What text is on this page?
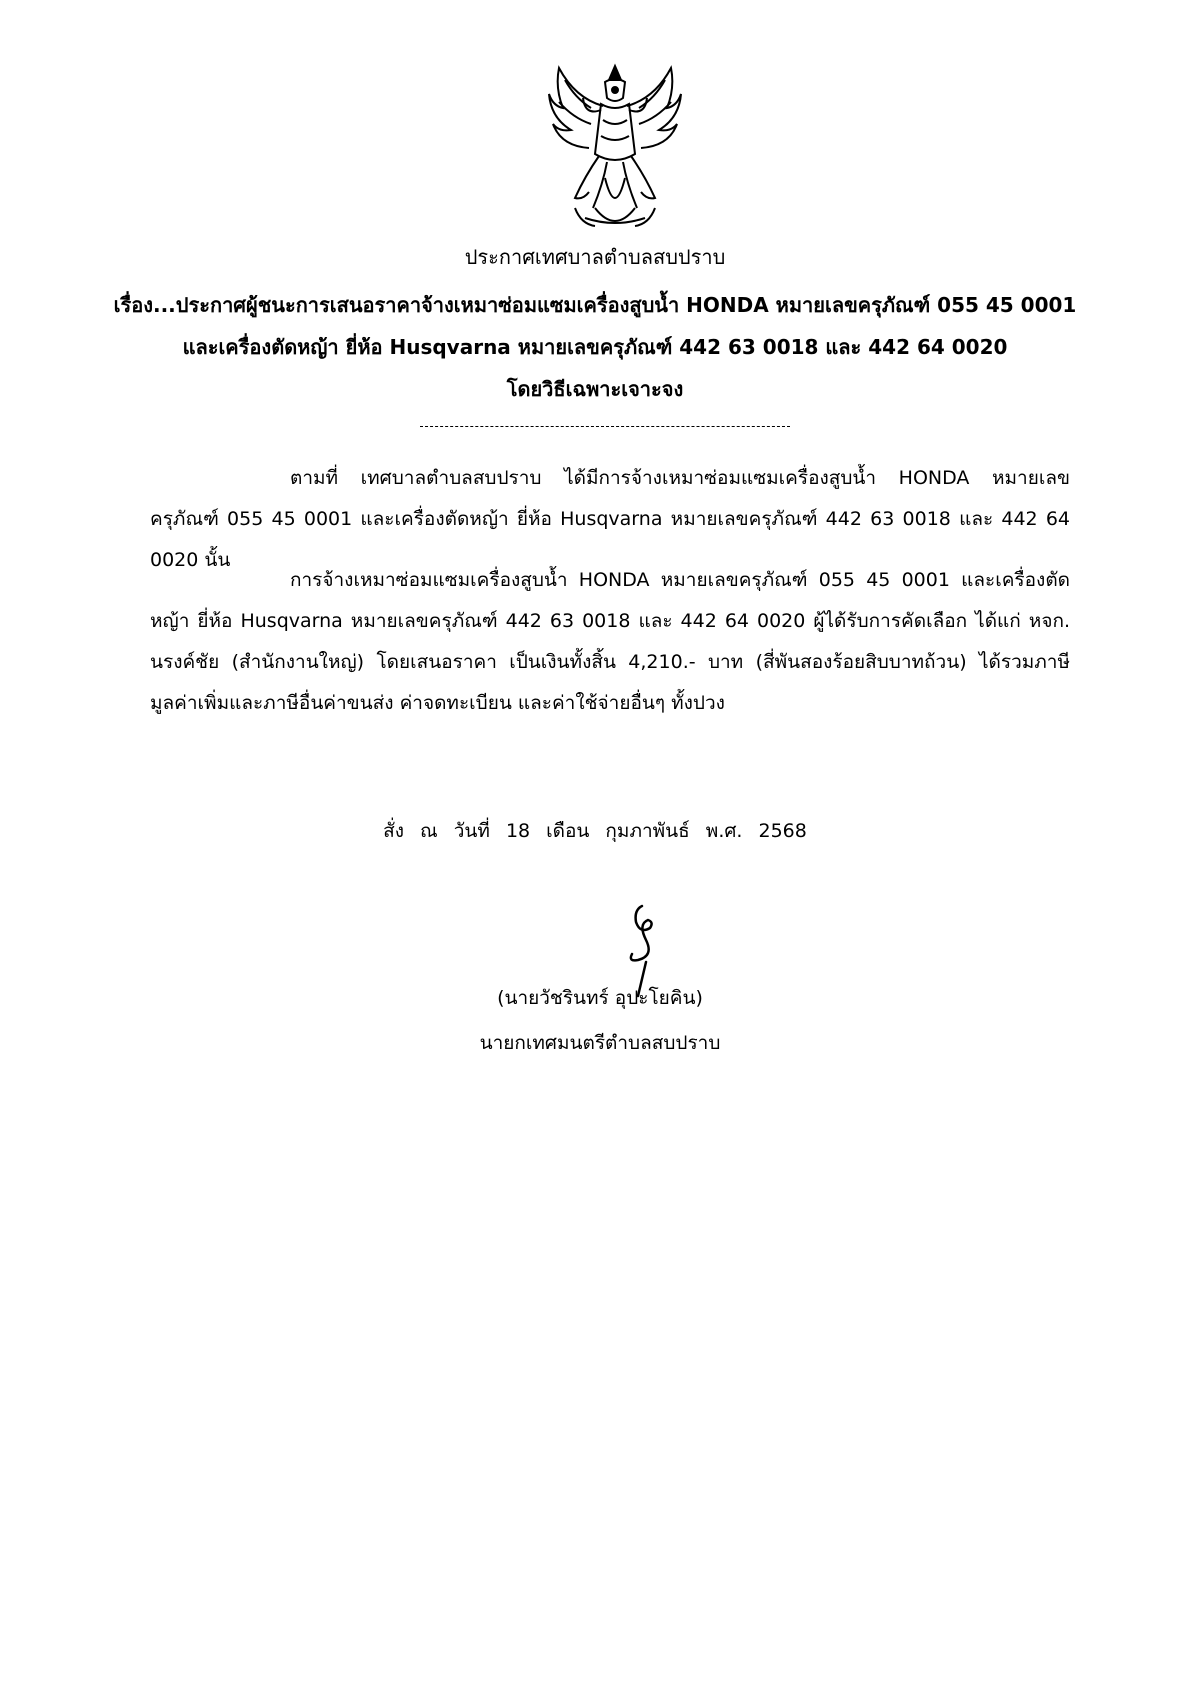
ประกาศเทศบาลตำบลสบปราบ
เรื่อง...ประกาศผู้ชนะการเสนอราคาจ้างเหมาซ่อมแซมเครื่องสูบน้ำ HONDA หมายเลขครุภัณฑ์ 055 45 0001
และเครื่องตัดหญ้า ยี่ห้อ Husqvarna หมายเลขครุภัณฑ์ 442 63 0018 และ 442 64 0020
โดยวิธีเฉพาะเจาะจง

ตามที่ เทศบาลตำบลสบปราบ ได้มีการจ้างเหมาซ่อมแซมเครื่องสูบน้ำ HONDA หมายเลขครุภัณฑ์ 055 45 0001 และเครื่องตัดหญ้า ยี่ห้อ Husqvarna หมายเลขครุภัณฑ์ 442 63 0018 และ 442 64 0020 นั้น

การจ้างเหมาซ่อมแซมเครื่องสูบน้ำ HONDA หมายเลขครุภัณฑ์ 055 45 0001 และเครื่องตัดหญ้า ยี่ห้อ Husqvarna หมายเลขครุภัณฑ์ 442 63 0018 และ 442 64 0020 ผู้ได้รับการคัดเลือก ได้แก่ หจก. นรงค์ชัย (สำนักงานใหญ่) โดยเสนอราคา เป็นเงินทั้งสิ้น 4,210.- บาท (สี่พันสองร้อยสิบบาทถ้วน) ได้รวมภาษีมูลค่าเพิ่มและภาษีอื่นค่าขนส่ง ค่าจดทะเบียน และค่าใช้จ่ายอื่นๆ ทั้งปวง

สั่ง ณ วันที่ 18 เดือน กุมภาพันธ์ พ.ศ. 2568
(นายวัชรินทร์ อุปะโยคิน)
นายกเทศมนตรีตำบลสบปราบ
